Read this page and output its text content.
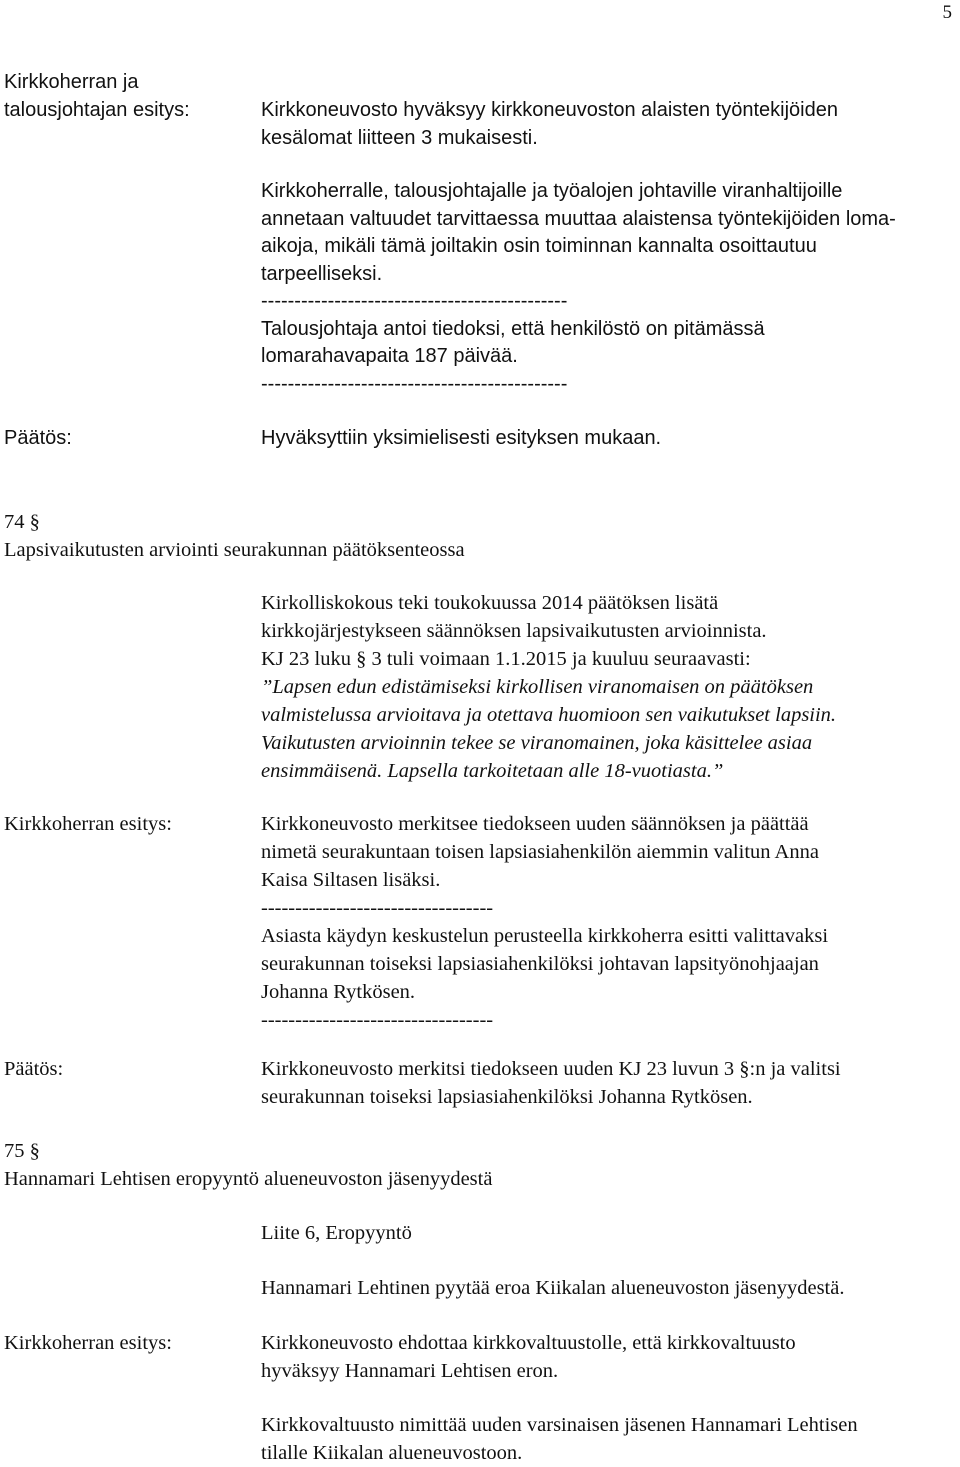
5
Kirkkoherran ja
talousjohtajan esitys:	Kirkkoneuvosto hyväksyy kirkkoneuvoston alaisten työntekijöiden
kesälomat liitteen 3 mukaisesti.
Kirkkoherralle, talousjohtajalle ja työalojen johtaville viranhaltijoille
annetaan valtuudet tarvittaessa muuttaa alaistensa työntekijöiden loma-
aikoja, mikäli tämä joiltakin osin toiminnan kannalta osoittautuu
tarpeelliseksi.
----------------------------------------------
Talousjohtaja antoi tiedoksi, että henkilöstö on pitämässä
lomarahavapaita 187 päivää.
----------------------------------------------
Päätös:	Hyväksyttiin yksimielisesti esityksen mukaan.
74 §
Lapsivaikutusten arviointi seurakunnan päätöksenteossa
Kirkolliskokous teki toukokuussa 2014 päätöksen lisätä
kirkkojärjestykseen säännöksen lapsivaikutusten arvioinnista.
KJ 23 luku § 3 tuli voimaan 1.1.2015 ja kuuluu seuraavasti:
”Lapsen edun edistämiseksi kirkollisen viranomaisen on päätöksen
valmistelussa arvioitava ja otettava huomioon sen vaikutukset lapsiin.
Vaikutusten arvioinnin tekee se viranomainen, joka käsittelee asiaa
ensimmäisenä. Lapsella tarkoitetaan alle 18-vuotiasta.”
Kirkkoherran esitys:	Kirkkoneuvosto merkitsee tiedokseen uuden säännöksen ja päättää
nimetä seurakuntaan toisen lapsiasiahenkilön aiemmin valitun Anna
Kaisa Siltasen lisäksi.
----------------------------------
Asiasta käydyn keskustelun perusteella kirkkoherra esitti valittavaksi
seurakunnan toiseksi lapsiasiahenkilöksi johtavan lapsityönohjaajan
Johanna Rytkösen.
----------------------------------
Päätös:	Kirkkoneuvosto merkitsi tiedokseen uuden KJ 23 luvun 3 §:n ja valitsi
seurakunnan toiseksi lapsiasiahenkilöksi Johanna Rytkösen.
75 §
Hannamari Lehtisen eropyyntö alueneuvoston jäsenyydestä
Liite 6, Eropyyntö
Hannamari Lehtinen pyytää eroa Kiikalan alueneuvoston jäsenyydestä.
Kirkkoherran esitys:	Kirkkoneuvosto ehdottaa kirkkovaltuustolle, että kirkkovaltuusto
hyväksyy Hannamari Lehtisen eron.
Kirkkovaltuusto nimittää uuden varsinaisen jäsenen Hannamari Lehtisen
tilalle Kiikalan alueneuvostoon.
